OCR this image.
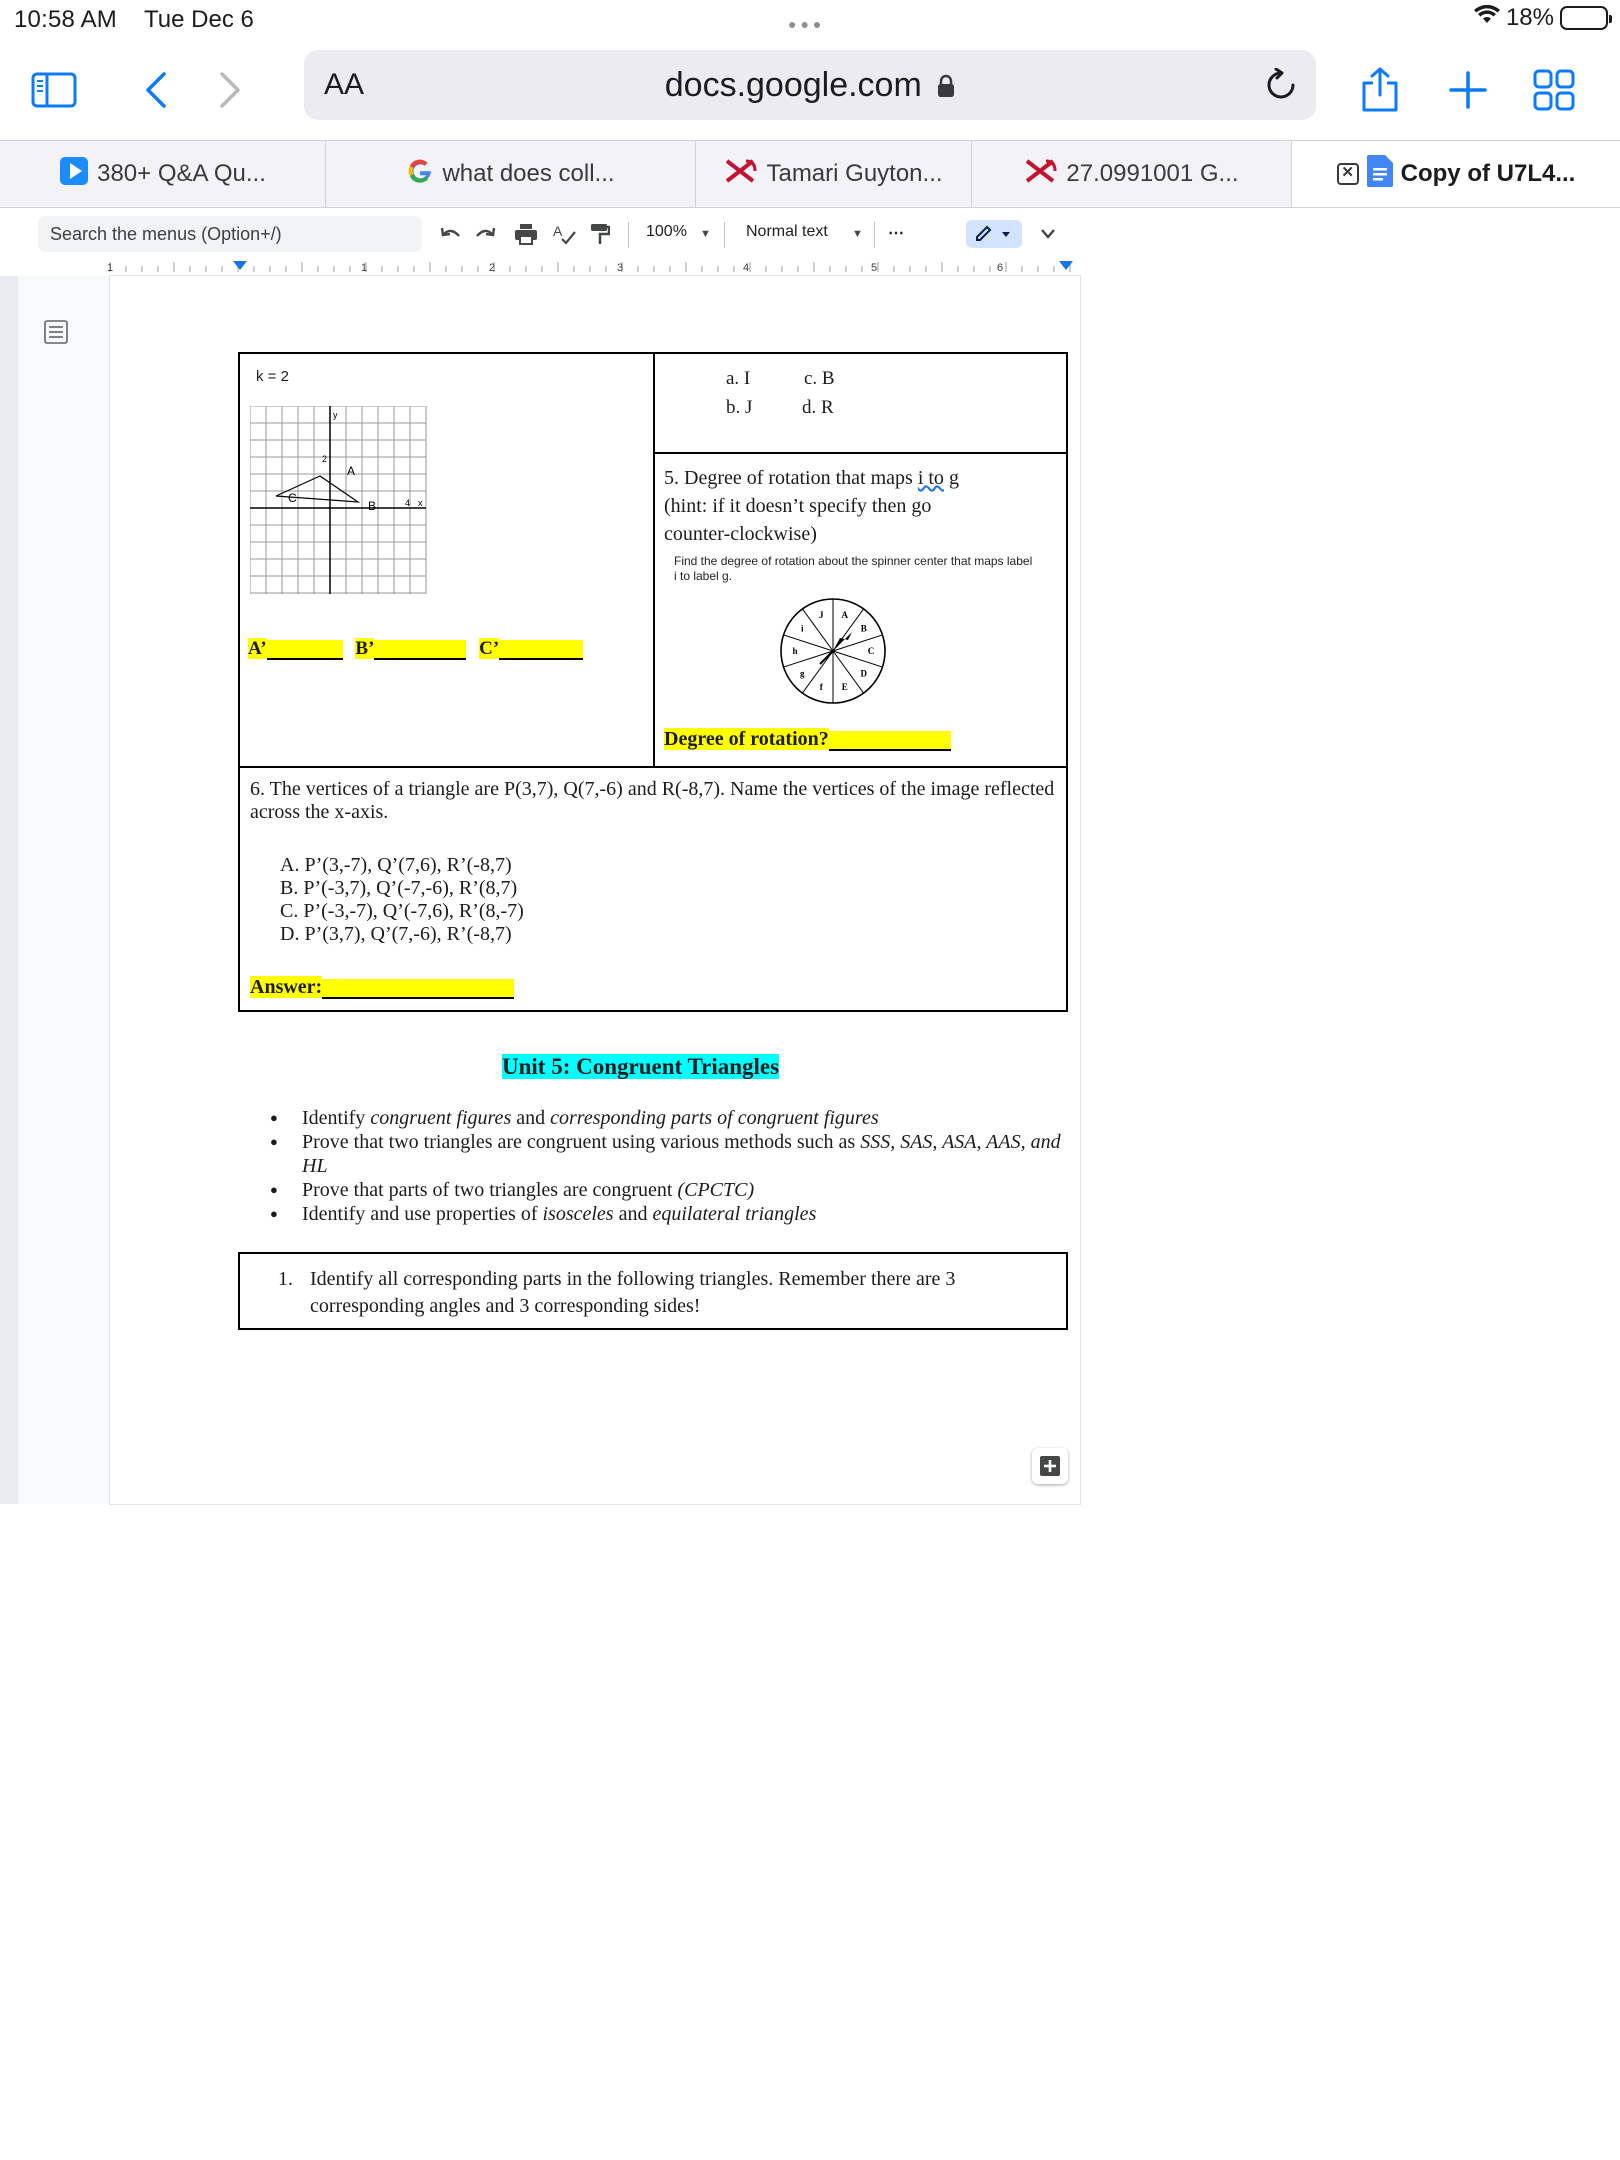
10:58 AM Tue Dec 6	●●●	18%
AA	docs.google.com
380+ Q&A Qu...	what does coll...	Tamari Guyton...	27.0991001 G...	✕ Copy of U7L4...
Search the menus (Option+/)	A	100% ▼ Normal text ▼ ⋯
1	1	2	3	4	5	6
k = 2
y
x
2
4
A
B
C
A’	B’	C’
a. I	c. B
b. J	d. R
5. Degree of rotation that maps i to g
(hint: if it doesn’t specify then go counter-clockwise)
Find the degree of rotation about the spinner center that maps label i to label g.
A
B
C
D
E
f
g
h
i
J
Degree of rotation?
6. The vertices of a triangle are P(3,7), Q(7,-6) and R(-8,7). Name the vertices of the image reflected across the x-axis.
A. P’(3,-7), Q’(7,6), R’(-8,7)
B. P’(-3,7), Q’(-7,-6), R’(8,7)
C. P’(-3,-7), Q’(-7,6), R’(8,-7)
D. P’(3,7), Q’(7,-6), R’(-8,7)
Answer:
Unit 5: Congruent Triangles
● Identify congruent figures and corresponding parts of congruent figures
● Prove that two triangles are congruent using various methods such as SSS, SAS, ASA, AAS, and HL
● Prove that parts of two triangles are congruent (CPCTC)
● Identify and use properties of isosceles and equilateral triangles
1. Identify all corresponding parts in the following triangles. Remember there are 3 corresponding angles and 3 corresponding sides!
